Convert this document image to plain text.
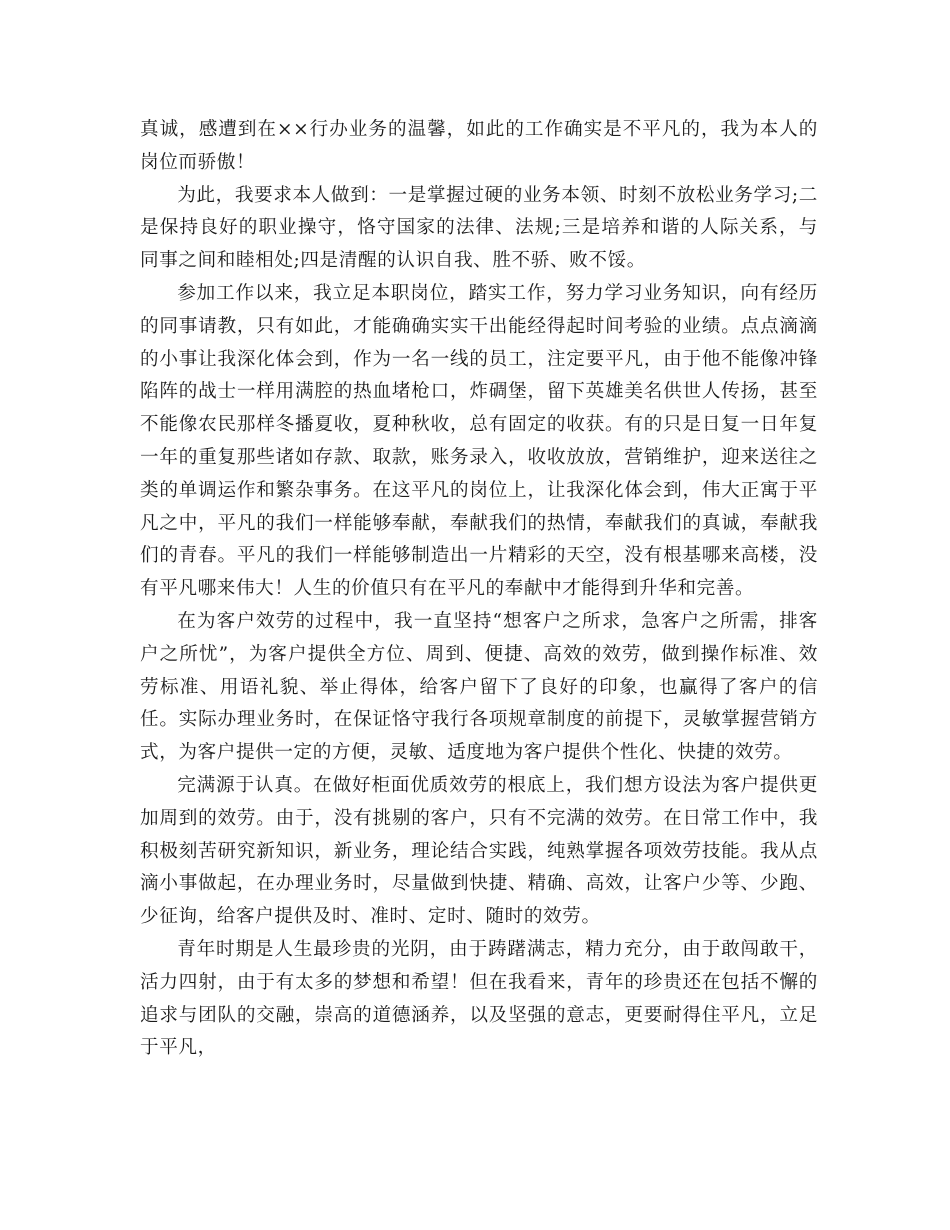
真诚，感遭到在××行办业务的温馨，如此的工作确实是不平凡的，我为本人的岗位而骄傲！

为此，我要求本人做到：一是掌握过硬的业务本领、时刻不放松业务学习;二是保持良好的职业操守，恪守国家的法律、法规;三是培养和谐的人际关系，与同事之间和睦相处;四是清醒的认识自我、胜不骄、败不馁。

参加工作以来，我立足本职岗位，踏实工作，努力学习业务知识，向有经历的同事请教，只有如此，才能确确实实干出能经得起时间考验的业绩。点点滴滴的小事让我深化体会到，作为一名一线的员工，注定要平凡，由于他不能像冲锋陷阵的战士一样用满腔的热血堵枪口，炸碉堡，留下英雄美名供世人传扬，甚至不能像农民那样冬播夏收，夏种秋收，总有固定的收获。有的只是日复一日年复一年的重复那些诸如存款、取款，账务录入，收收放放，营销维护，迎来送往之类的单调运作和繁杂事务。在这平凡的岗位上，让我深化体会到，伟大正寓于平凡之中，平凡的我们一样能够奉献，奉献我们的热情，奉献我们的真诚，奉献我们的青春。平凡的我们一样能够制造出一片精彩的天空，没有根基哪来高楼，没有平凡哪来伟大！人生的价值只有在平凡的奉献中才能得到升华和完善。

在为客户效劳的过程中，我一直坚持“想客户之所求，急客户之所需，排客户之所忧”，为客户提供全方位、周到、便捷、高效的效劳，做到操作标准、效劳标准、用语礼貌、举止得体，给客户留下了良好的印象，也赢得了客户的信任。实际办理业务时，在保证恪守我行各项规章制度的前提下，灵敏掌握营销方式，为客户提供一定的方便，灵敏、适度地为客户提供个性化、快捷的效劳。

完满源于认真。在做好柜面优质效劳的根底上，我们想方设法为客户提供更加周到的效劳。由于，没有挑剔的客户，只有不完满的效劳。在日常工作中，我积极刻苦研究新知识，新业务，理论结合实践，纯熟掌握各项效劳技能。我从点滴小事做起，在办理业务时，尽量做到快捷、精确、高效，让客户少等、少跑、少征询，给客户提供及时、准时、定时、随时的效劳。

青年时期是人生最珍贵的光阴，由于踌躇满志，精力充分，由于敢闯敢干，活力四射，由于有太多的梦想和希望！但在我看来，青年的珍贵还在包括不懈的追求与团队的交融，崇高的道德涵养，以及坚强的意志，更要耐得住平凡，立足于平凡，
